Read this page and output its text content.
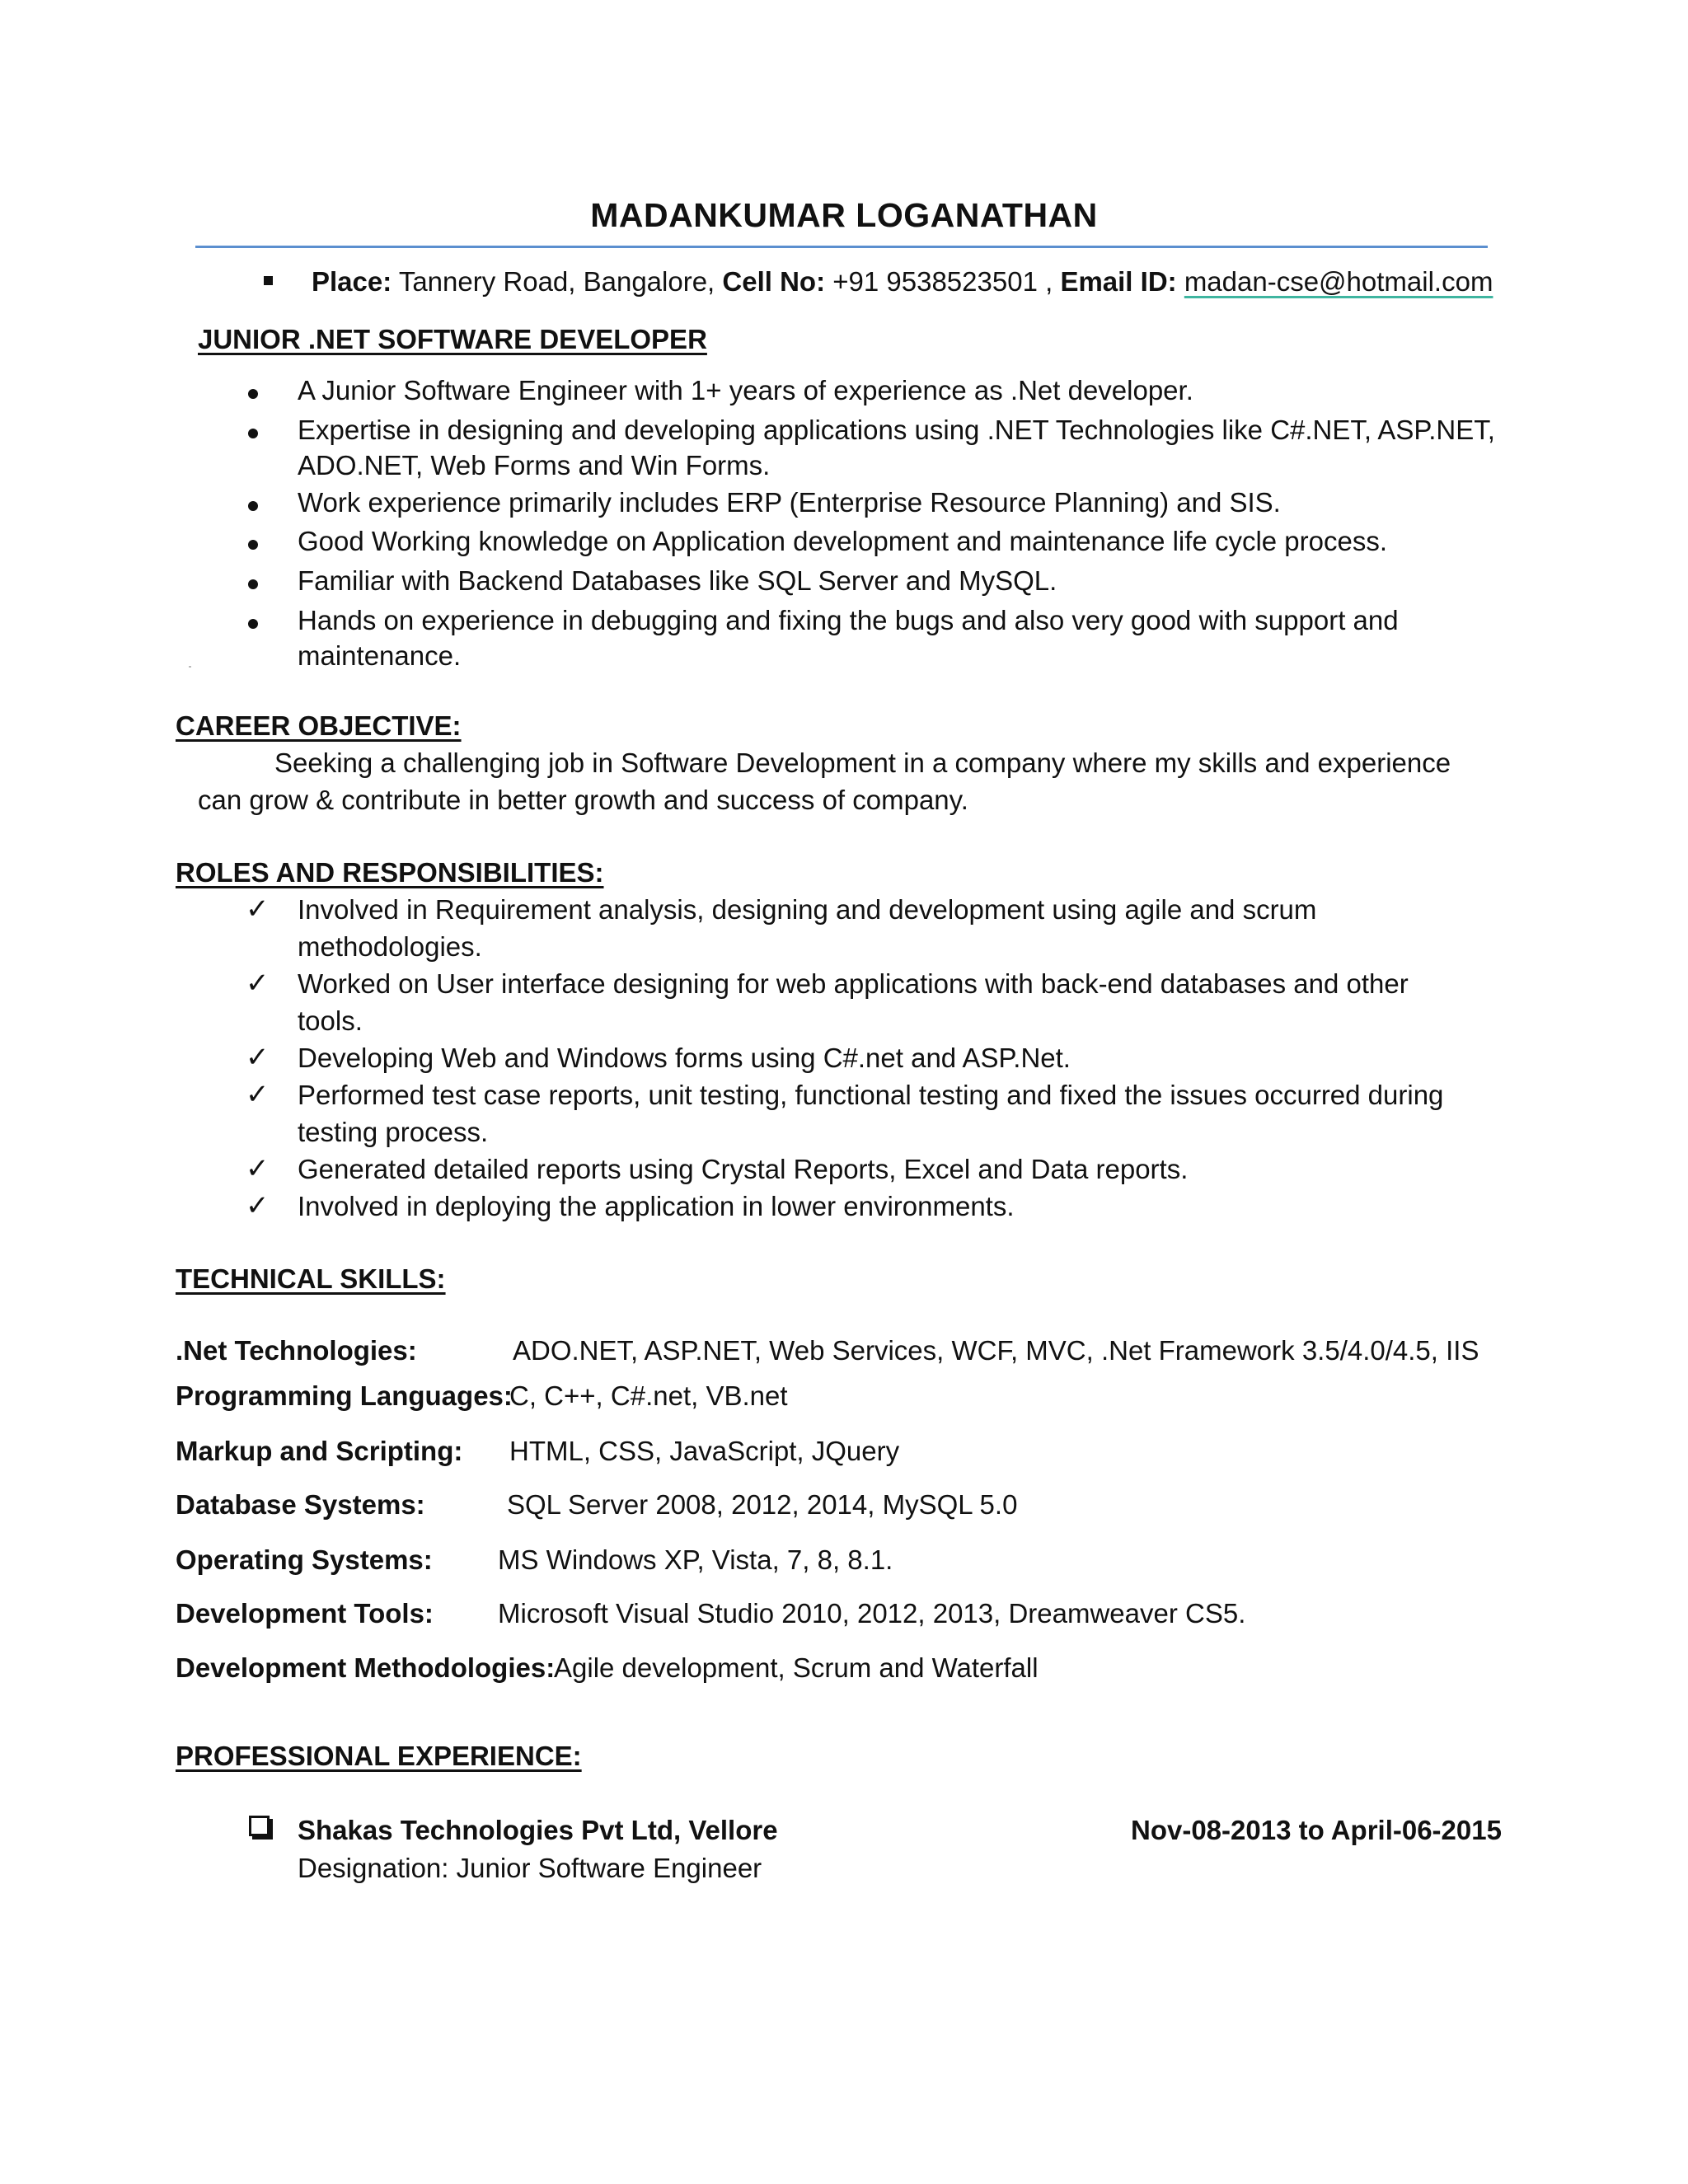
MADANKUMAR LOGANATHAN
Place: Tannery Road, Bangalore, Cell No: +91 9538523501 , Email ID: madan-cse@hotmail.com
JUNIOR .NET SOFTWARE DEVELOPER
A Junior Software Engineer with 1+ years of experience as .Net developer.
Expertise in designing and developing applications using .NET Technologies like C#.NET, ASP.NET,
ADO.NET, Web Forms and Win Forms.
Work experience primarily includes ERP (Enterprise Resource Planning) and SIS.
Good Working knowledge on Application development and maintenance life cycle process.
Familiar with Backend Databases like SQL Server and MySQL.
Hands on experience in debugging and fixing the bugs and also very good with support and
maintenance.
CAREER OBJECTIVE:
Seeking a challenging job in Software Development in a company where my skills and experience
can grow & contribute in better growth and success of company.
ROLES AND RESPONSIBILITIES:
✓ Involved in Requirement analysis, designing and development using agile and scrum
methodologies.
✓ Worked on User interface designing for web applications with back-end databases and other
tools.
✓ Developing Web and Windows forms using C#.net and ASP.Net.
✓ Performed test case reports, unit testing, functional testing and fixed the issues occurred during
testing process.
✓ Generated detailed reports using Crystal Reports, Excel and Data reports.
✓ Involved in deploying the application in lower environments.
TECHNICAL SKILLS:
.Net Technologies:	ADO.NET, ASP.NET, Web Services, WCF, MVC, .Net Framework 3.5/4.0/4.5, IIS
Programming Languages:
C, C++, C#.net, VB.net
Markup and Scripting: HTML, CSS, JavaScript, JQuery
Database Systems:	SQL Server 2008, 2012, 2014, MySQL 5.0
Operating Systems: MS Windows XP, Vista, 7, 8, 8.1.
Development Tools: Microsoft Visual Studio 2010, 2012, 2013, Dreamweaver CS5.
Development Methodologies:
Agile development, Scrum and Waterfall
PROFESSIONAL EXPERIENCE:
Shakas Technologies Pvt Ltd, Vellore	Nov-08-2013 to April-06-2015
Designation: Junior Software Engineer
